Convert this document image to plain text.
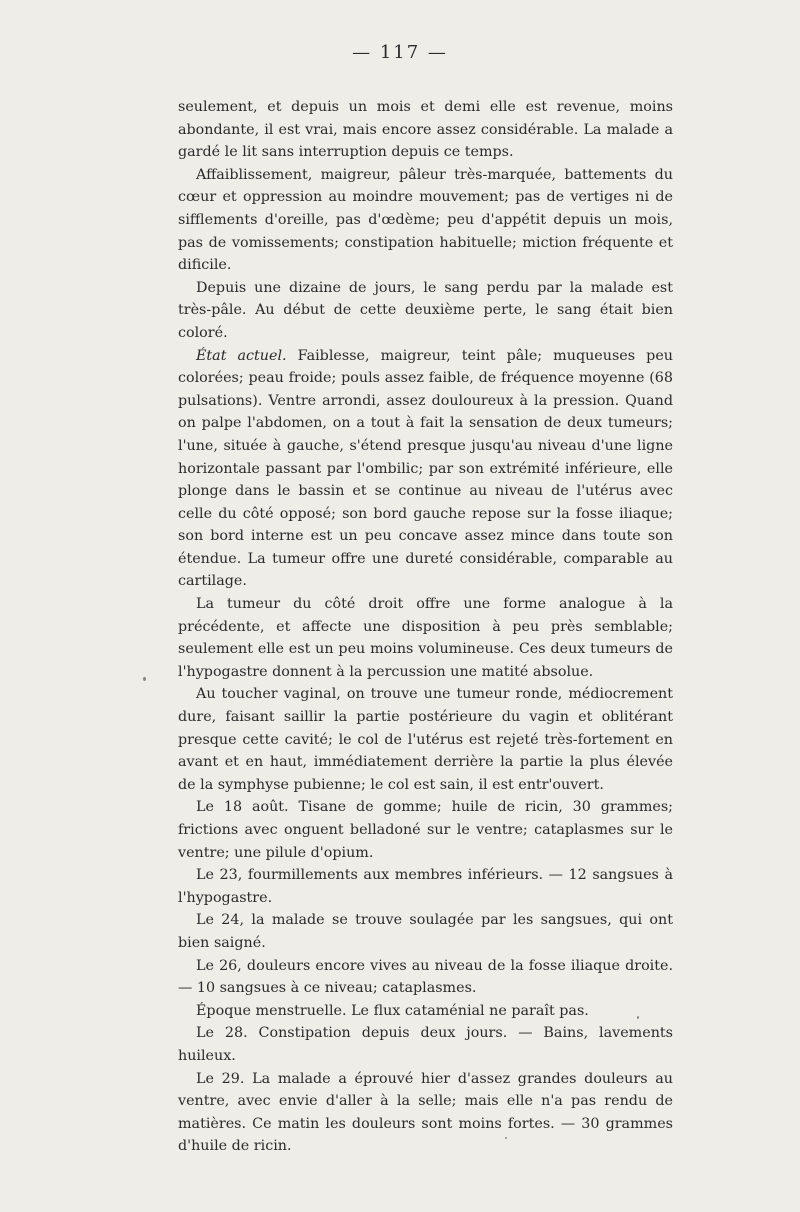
— 117 —

seulement, et depuis un mois et demi elle est revenue, moins abondante, il est vrai, mais encore assez considérable. La malade a gardé le lit sans interruption depuis ce temps.

Affaiblissement, maigreur, pâleur très-marquée, battements du cœur et oppression au moindre mouvement; pas de vertiges ni de sifflements d'oreille, pas d'œdème; peu d'appétit depuis un mois, pas de vomissements; constipation habituelle; miction fréquente et dificile.

Depuis une dizaine de jours, le sang perdu par la malade est très-pâle. Au début de cette deuxième perte, le sang était bien coloré.

État actuel. Faiblesse, maigreur, teint pâle; muqueuses peu colorées; peau froide; pouls assez faible, de fréquence moyenne (68 pulsations). Ventre arrondi, assez douloureux à la pression. Quand on palpe l'abdomen, on a tout à fait la sensation de deux tumeurs; l'une, située à gauche, s'étend presque jusqu'au niveau d'une ligne horizontale passant par l'ombilic; par son extrémité inférieure, elle plonge dans le bassin et se continue au niveau de l'utérus avec celle du côté opposé; son bord gauche repose sur la fosse iliaque; son bord interne est un peu concave assez mince dans toute son étendue. La tumeur offre une dureté considérable, comparable au cartilage.

La tumeur du côté droit offre une forme analogue à la précédente, et affecte une disposition à peu près semblable; seulement elle est un peu moins volumineuse. Ces deux tumeurs de l'hypogastre donnent à la percussion une matité absolue.

Au toucher vaginal, on trouve une tumeur ronde, médiocrement dure, faisant saillir la partie postérieure du vagin et oblitérant presque cette cavité; le col de l'utérus est rejeté très-fortement en avant et en haut, immédiatement derrière la partie la plus élevée de la symphyse pubienne; le col est sain, il est entr'ouvert.

Le 18 août. Tisane de gomme; huile de ricin, 30 grammes; frictions avec onguent belladoné sur le ventre; cataplasmes sur le ventre; une pilule d'opium.

Le 23, fourmillements aux membres inférieurs. — 12 sangsues à l'hypogastre.

Le 24, la malade se trouve soulagée par les sangsues, qui ont bien saigné.

Le 26, douleurs encore vives au niveau de la fosse iliaque droite. — 10 sangsues à ce niveau; cataplasmes.

Époque menstruelle. Le flux cataménial ne paraît pas.

Le 28. Constipation depuis deux jours. — Bains, lavements huileux.

Le 29. La malade a éprouvé hier d'assez grandes douleurs au ventre, avec envie d'aller à la selle; mais elle n'a pas rendu de matières. Ce matin les douleurs sont moins fortes. — 30 grammes d'huile de ricin.
